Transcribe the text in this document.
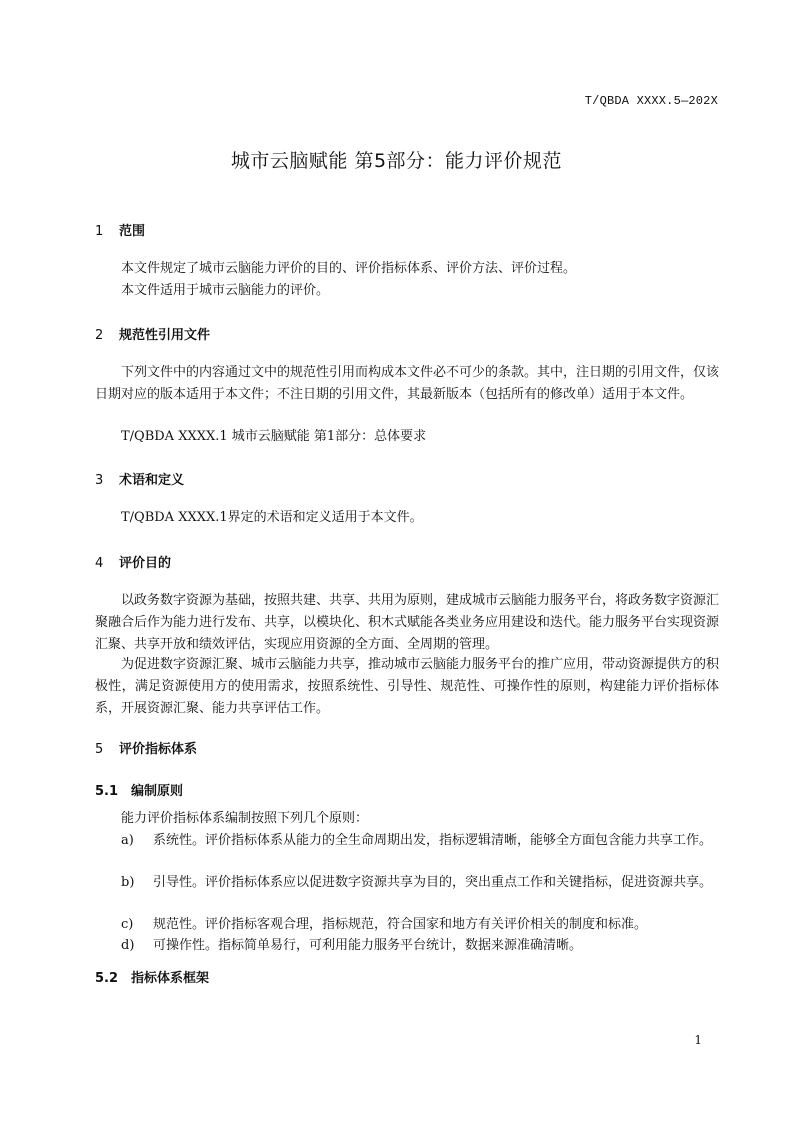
T/QBDA XXXX.5—202X
城市云脑赋能 第5部分：能力评价规范
1 范围
本文件规定了城市云脑能力评价的目的、评价指标体系、评价方法、评价过程。
本文件适用于城市云脑能力的评价。
2 规范性引用文件
下列文件中的内容通过文中的规范性引用而构成本文件必不可少的条款。其中，注日期的引用文件，仅该日期对应的版本适用于本文件；不注日期的引用文件，其最新版本（包括所有的修改单）适用于本文件。
T/QBDA XXXX.1 城市云脑赋能 第1部分：总体要求
3 术语和定义
T/QBDA XXXX.1界定的术语和定义适用于本文件。
4 评价目的
以政务数字资源为基础，按照共建、共享、共用为原则，建成城市云脑能力服务平台，将政务数字资源汇聚融合后作为能力进行发布、共享，以模块化、积木式赋能各类业务应用建设和迭代。能力服务平台实现资源汇聚、共享开放和绩效评估，实现应用资源的全方面、全周期的管理。
为促进数字资源汇聚、城市云脑能力共享，推动城市云脑能力服务平台的推广应用，带动资源提供方的积极性，满足资源使用方的使用需求，按照系统性、引导性、规范性、可操作性的原则，构建能力评价指标体系，开展资源汇聚、能力共享评估工作。
5 评价指标体系
5.1 编制原则
能力评价指标体系编制按照下列几个原则：
a)	系统性。评价指标体系从能力的全生命周期出发，指标逻辑清晰，能够全方面包含能力共享工作。
b)	引导性。评价指标体系应以促进数字资源共享为目的，突出重点工作和关键指标，促进资源共享。
c)	规范性。评价指标客观合理，指标规范，符合国家和地方有关评价相关的制度和标准。
d)	可操作性。指标简单易行，可利用能力服务平台统计，数据来源准确清晰。
5.2 指标体系框架
1
